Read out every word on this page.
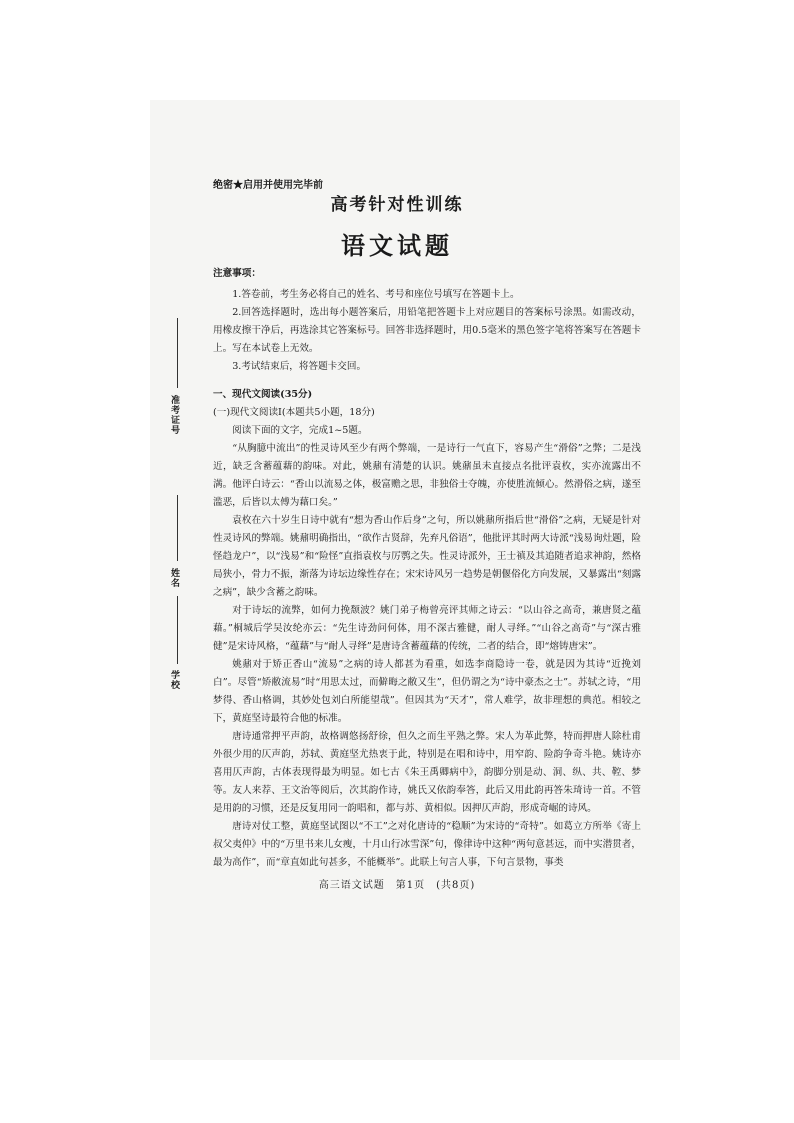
准考证号
姓名
学校
绝密★启用并使用完毕前
高考针对性训练
语文试题

注意事项：

1.答卷前，考生务必将自己的姓名、考号和座位号填写在答题卡上。

2.回答选择题时，选出每小题答案后，用铅笔把答题卡上对应题目的答案标号涂黑。如需改动，用橡皮擦干净后，再选涂其它答案标号。回答非选择题时，用0.5毫米的黑色签字笔将答案写在答题卡上。写在本试卷上无效。

3.考试结束后，将答题卡交回。

一、现代文阅读(35分)

(一)现代文阅读Ⅰ(本题共5小题，18分)

阅读下面的文字，完成1~5题。

“从胸臆中流出”的性灵诗风至少有两个弊端，一是诗行一气直下，容易产生“滑俗”之弊；二是浅近，缺乏含蓄蕴藉的韵味。对此，姚鼐有清楚的认识。姚鼐虽未直接点名批评袁枚，实亦流露出不满。他评白诗云：“香山以流易之体，极富赡之思，非独俗士夺魄，亦使胜流倾心。然滑俗之病，遂至滥恶，后皆以太傅为藉口矣。”

袁枚在六十岁生日诗中就有“想为香山作后身”之句，所以姚鼐所指后世“滑俗”之病，无疑是针对性灵诗风的弊端。姚鼐明确指出，“欲作古贤辞，先弃凡俗语”，他批评其时两大诗派“浅易询灶题，险怪趋龙户”，以“浅易”和“险怪”直指袁枚与厉鹗之失。性灵诗派外，王士禛及其追随者追求神韵，然格局狭小，骨力不振，渐落为诗坛边缘性存在；宋宋诗风另一趋势是朝偃俗化方向发展，又暴露出“刻露之病”，缺少含蓄之韵味。

对于诗坛的流弊，如何力挽颓波？姚门弟子梅曾亮评其师之诗云：“以山谷之高奇，兼唐贤之蕴藉。”桐城后学吴汝纶亦云：“先生诗劲问何体，用不深古雅健，耐人寻绎。”“山谷之高奇”与“深古雅健”是宋诗风格，“蕴藉”与“耐人寻绎”是唐诗含蓄蕴藉的传统，二者的结合，即“熔铸唐宋”。

姚鼐对于矫正香山“流易”之病的诗人都甚为看重，如选李商隐诗一卷，就是因为其诗“近挽刘白”。尽管“矫敝流易”时“用思太过，而僻晦之敝又生”，但仍谓之为“诗中豪杰之士”。苏轼之诗，“用梦得、香山格调，其妙处包刘白所能望哉”。但因其为“天才”，常人难学，故非理想的典范。相较之下，黄庭坚诗最符合他的标准。

唐诗通常押平声韵，故格调悠扬舒徐，但久之而生平熟之弊。宋人为革此弊，特而押唐人除杜甫外很少用的仄声韵，苏轼、黄庭坚尤热衷于此，特别是在唱和诗中，用窄韵、险韵争奇斗艳。姚诗亦喜用仄声韵，古体表现得最为明显。如七古《朱王禹卿病中》，韵脚分别是动、洞、纵、共、鞚、梦等。友人来荐、王文治等阅后，次其韵作诗，姚氏又依韵奉答，此后又用此韵再答朱琦诗一首。不管是用韵的习惯，还是反复用同一韵唱和，都与苏、黄相似。因押仄声韵，形成奇崛的诗风。

唐诗对仗工整，黄庭坚试图以“不工”之对化唐诗的“稳顺”为宋诗的“奇特”。如葛立方所举《寄上叔父夷仲》中的“万里书来儿女瘦，十月山行冰雪深”句，像律诗中这种“两句意甚远，而中实潜贯者，最为高作”，而“章直如此句甚多，不能概举”。此联上句言人事，下句言景物，事类

高三语文试题　第1页　(共8页)
